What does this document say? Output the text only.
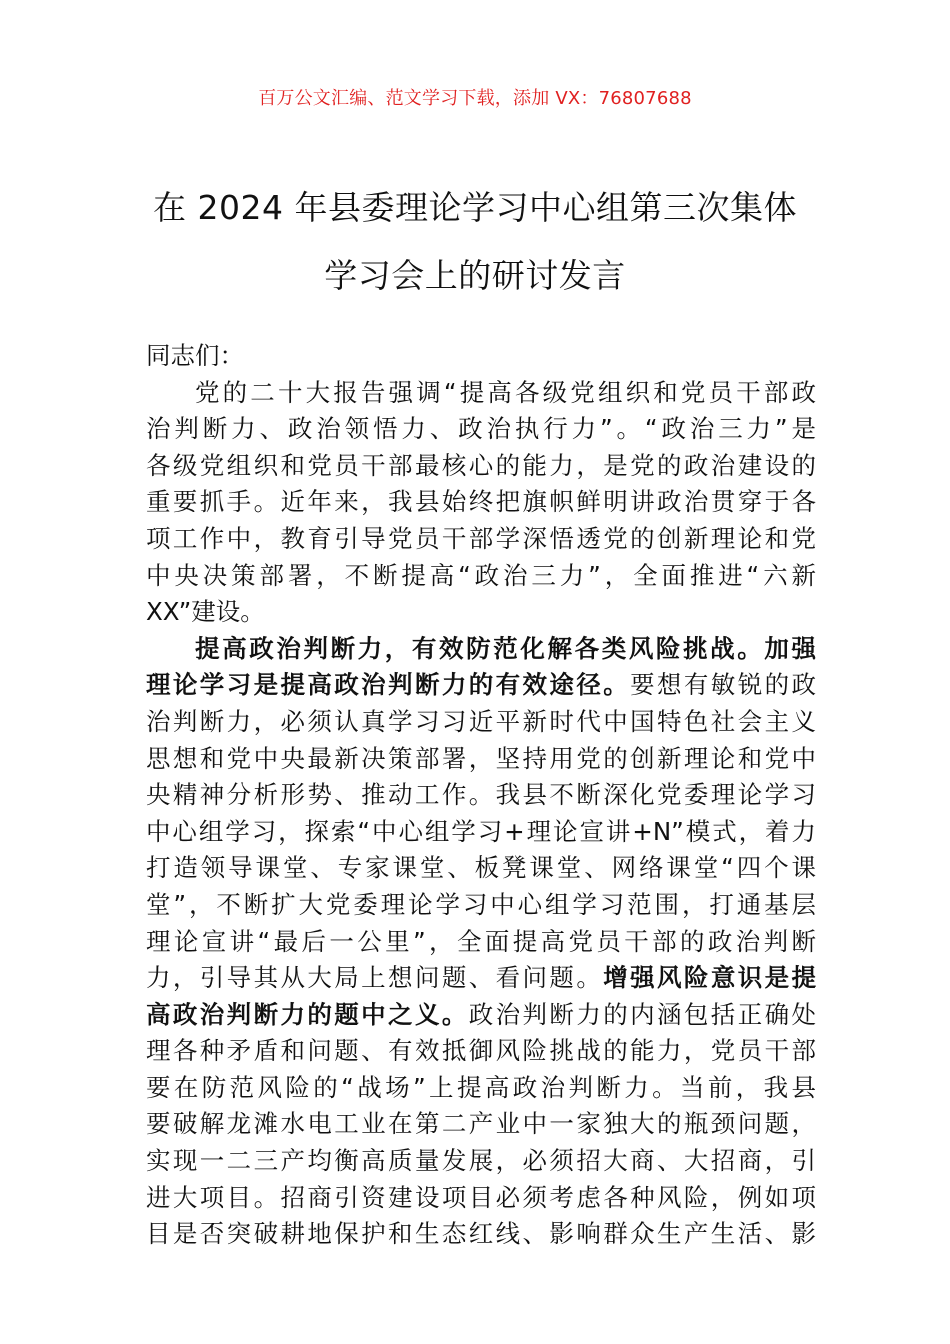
百万公文汇编、范文学习下载，添加 VX：76807688
在 2024 年县委理论学习中心组第三次集体
学习会上的研讨发言
同志们：
党的二十大报告强调“提高各级党组织和党员干部政
治判断力、政治领悟力、政治执行力”。“政治三力”是
各级党组织和党员干部最核心的能力，是党的政治建设的
重要抓手。近年来，我县始终把旗帜鲜明讲政治贯穿于各
项工作中，教育引导党员干部学深悟透党的创新理论和党
中央决策部署，不断提高“政治三力”，全面推进“六新
XX”建设。
提高政治判断力，有效防范化解各类风险挑战。加强
理论学习是提高政治判断力的有效途径。要想有敏锐的政
治判断力，必须认真学习习近平新时代中国特色社会主义
思想和党中央最新决策部署，坚持用党的创新理论和党中
央精神分析形势、推动工作。我县不断深化党委理论学习
中心组学习，探索“中心组学习+理论宣讲+N”模式，着力
打造领导课堂、专家课堂、板凳课堂、网络课堂“四个课
堂”，不断扩大党委理论学习中心组学习范围，打通基层
理论宣讲“最后一公里”，全面提高党员干部的政治判断
力，引导其从大局上想问题、看问题。增强风险意识是提
高政治判断力的题中之义。政治判断力的内涵包括正确处
理各种矛盾和问题、有效抵御风险挑战的能力，党员干部
要在防范风险的“战场”上提高政治判断力。当前，我县
要破解龙滩水电工业在第二产业中一家独大的瓶颈问题，
实现一二三产均衡高质量发展，必须招大商、大招商，引
进大项目。招商引资建设项目必须考虑各种风险，例如项
目是否突破耕地保护和生态红线、影响群众生产生活、影
